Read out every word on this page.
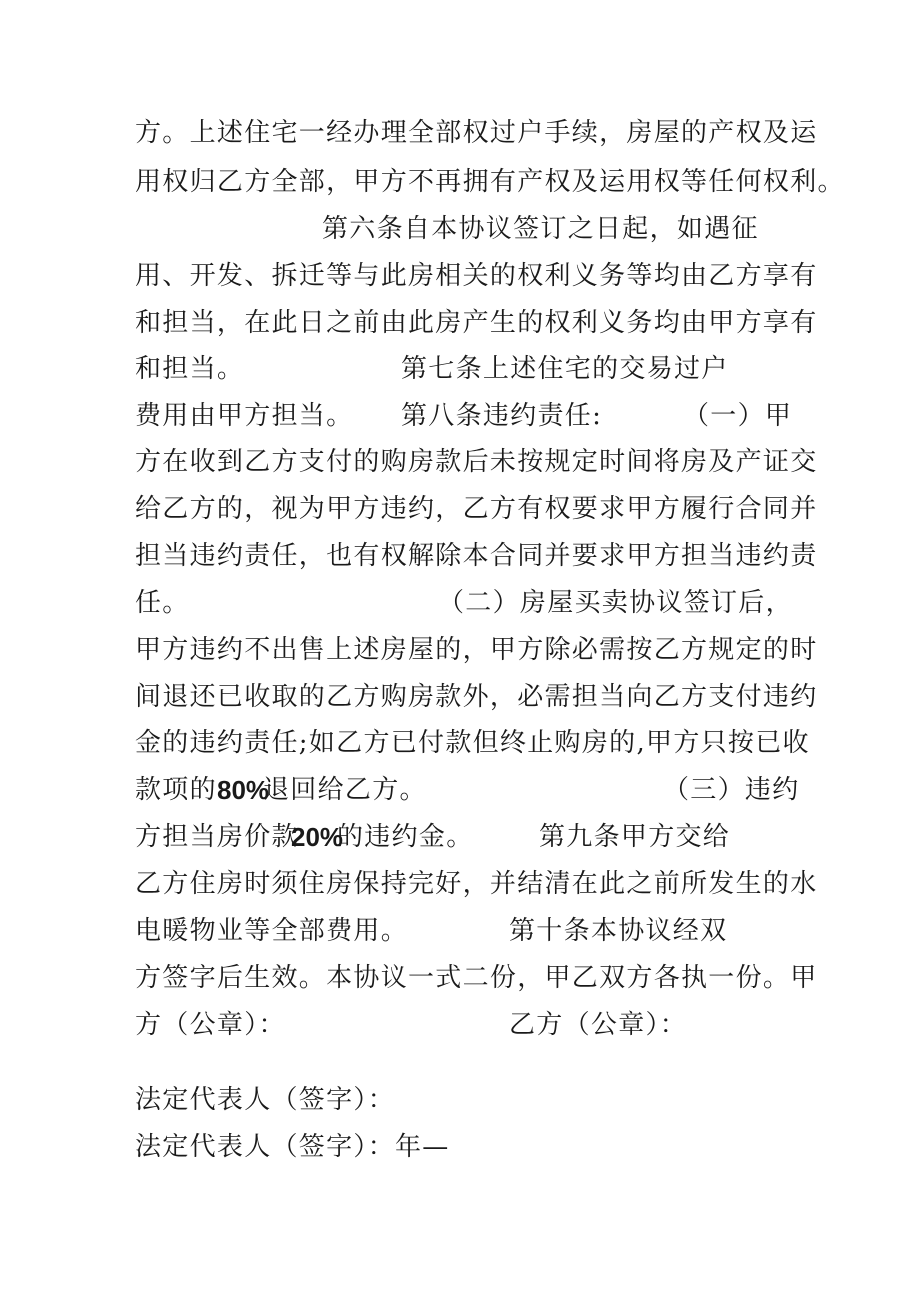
方。上述住宅一经办理全部权过户手续，房屋的产权及运
用权归乙方全部，甲方不再拥有产权及运用权等任何权利。
第六条自本协议签订之日起，如遇征
用、开发、拆迁等与此房相关的权利义务等均由乙方享有
和担当，在此日之前由此房产生的权利义务均由甲方享有
和担当。	第七条上述住宅的交易过户
费用由甲方担当。 第八条违约责任:	（一）甲
方在收到乙方支付的购房款后未按规定时间将房及产证交
给乙方的，视为甲方违约，乙方有权要求甲方履行合同并
担当违约责任，也有权解除本合同并要求甲方担当违约责
任。	（二）房屋买卖协议签订后，
甲方违约不出售上述房屋的，甲方除必需按乙方规定的时
间退还已收取的乙方购房款外，必需担当向乙方支付违约
金的违约责任;如乙方已付款但终止购房的,甲方只按已收
款项的 80%
退回给乙方。	（三）违约
方担当房价款
20%
的违约金。	第九条甲方交给
乙方住房时须住房保持完好，并结清在此之前所发生的水
电暖物业等全部费用。	第十条本协议经双
方签字后生效。本协议一式二份，甲乙双方各执一份。甲
方（公章）：	乙方（公章）：
法定代表人（签字）：
法定代表人（签字）：年—
